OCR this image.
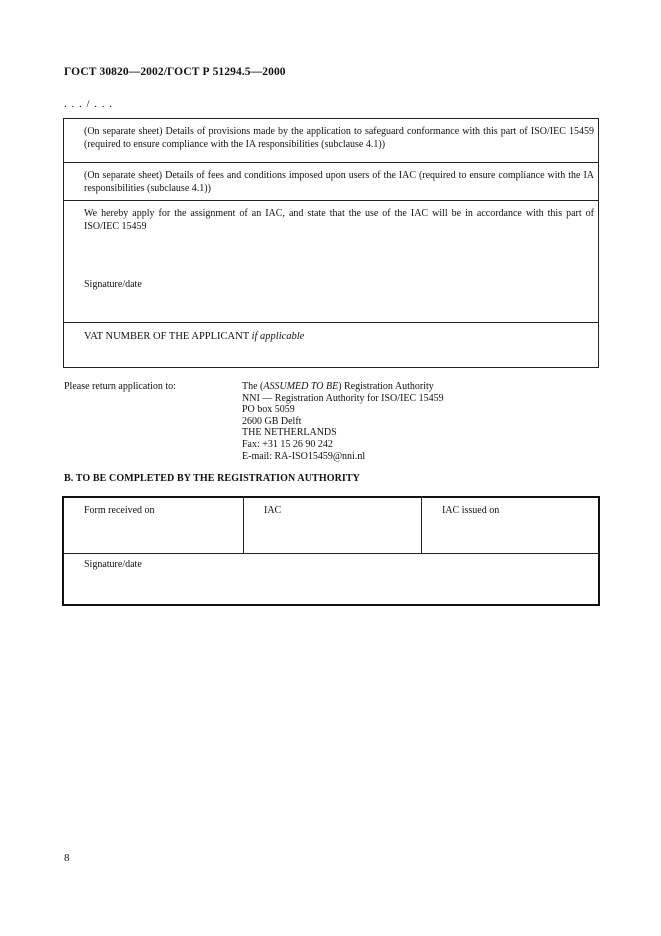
ГОСТ 30820—2002/ГОСТ Р 51294.5—2000
. . . / . . .
(On separate sheet) Details of provisions made by the application to safeguard conformance with this part of ISO/IEC 15459 (required to ensure compliance with the IA responsibilities (subclause 4.1))
(On separate sheet) Details of fees and conditions imposed upon users of the IAC (required to ensure compliance with the IA responsibilities (subclause 4.1))
We hereby apply for the assignment of an IAC, and state that the use of the IAC will be in accordance with this part of ISO/IEC 15459
Signature/date
VAT NUMBER OF THE APPLICANT if applicable
Please return application to:	The (ASSUMED TO BE) Registration Authority
NNI — Registration Authority for ISO/IEC 15459
PO box 5059
2600 GB Delft
THE NETHERLANDS
Fax: +31 15 26 90 242
E-mail: RA-ISO15459@nni.nl
B. TO BE COMPLETED BY THE REGISTRATION AUTHORITY
Form received on	IAC	IAC issued on
Signature/date
8
